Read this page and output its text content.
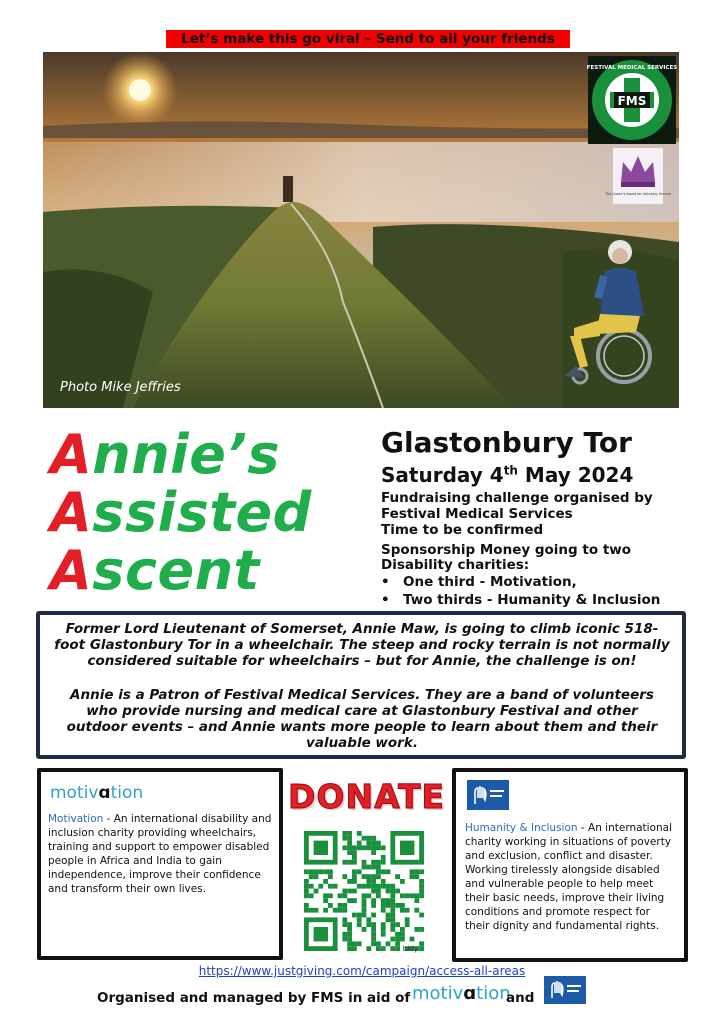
Let’s make this go viral – Send to all your friends
Photo Mike Jeffries
FMS
FESTIVAL MEDICAL SERVICES
The Queen’s Award for Voluntary Service
Annie’s
Assisted
Ascent
Glastonbury Tor
Saturday 4th May 2024
Fundraising challenge organised by
Festival Medical Services
Time to be confirmed
Sponsorship Money going to two
Disability charities:
• One third - Motivation,
• Two thirds - Humanity & Inclusion
Former Lord Lieutenant of Somerset, Annie Maw, is going to climb iconic 518-foot Glastonbury Tor in a wheelchair. The steep and rocky terrain is not normally considered suitable for wheelchairs – but for Annie, the challenge is on!
Annie is a Patron of Festival Medical Services. They are a band of volunteers who provide nursing and medical care at Glastonbury Festival and other outdoor events – and Annie wants more people to learn about them and their valuable work.
motivɑtion
Motivation - An international disability and inclusion charity providing wheelchairs, training and support to empower disabled people in Africa and India to gain independence, improve their confidence and transform their own lives.
DONATE
bitly
Humanity & Inclusion - An international charity working in situations of poverty and exclusion, conflict and disaster. Working tirelessly alongside disabled and vulnerable people to help meet their basic needs, improve their living conditions and promote respect for their dignity and fundamental rights.
https://www.justgiving.com/campaign/access-all-areas
Organised and managed by FMS in aid of motivɑtion
and
